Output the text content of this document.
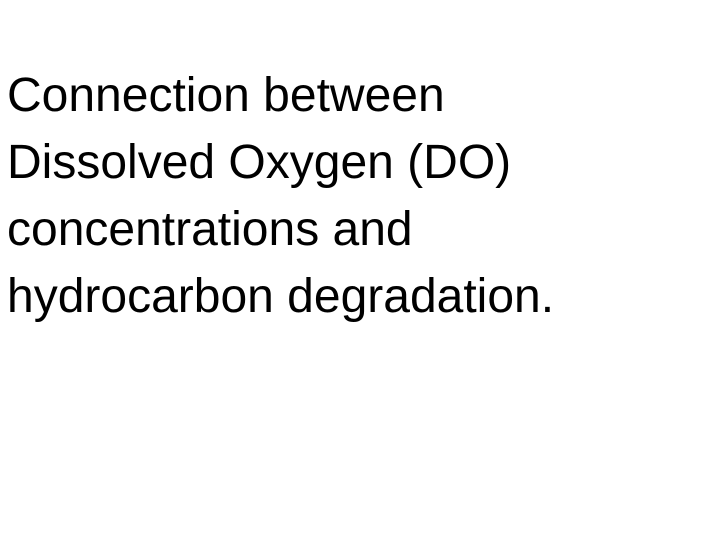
Connection between
Dissolved Oxygen (DO)
concentrations and
hydrocarbon degradation.
